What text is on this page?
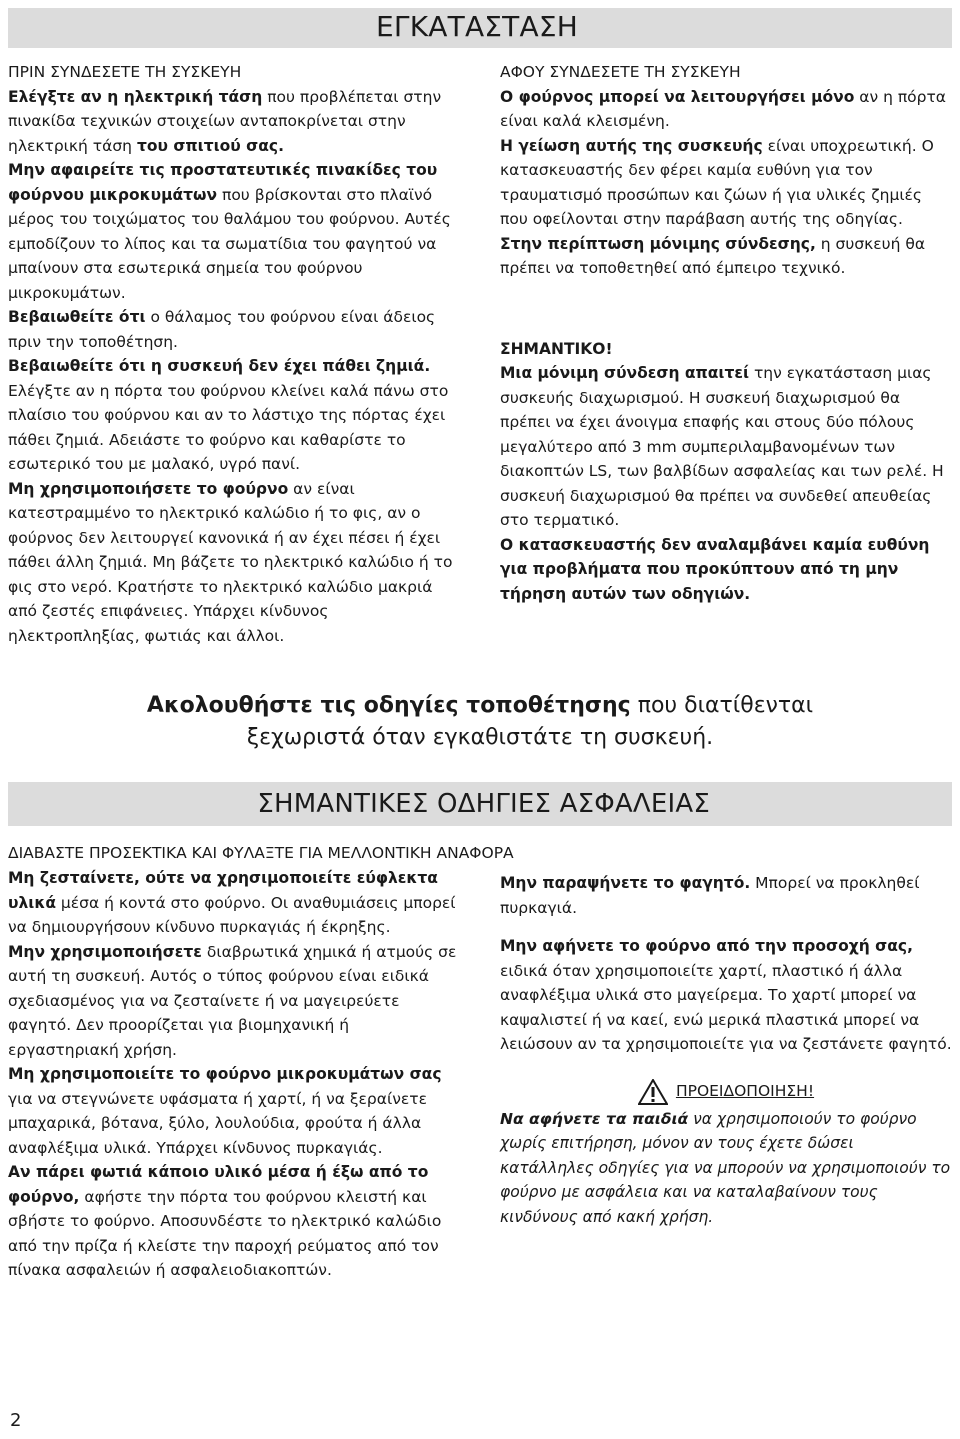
ΕΓΚΑΤΑΣΤΑΣΗ

ΠΡΙΝ ΣΥΝΔΕΣΕΤΕ ΤΗ ΣΥΣΚΕΥΗ

Ελέγξτε αν η ηλεκτρική τάση που προβλέπεται στην πινακίδα τεχνικών στοιχείων ανταποκρίνεται στην ηλεκτρική τάση του σπιτιού σας.

Μην αφαιρείτε τις προστατευτικές πινακίδες του φούρνου μικροκυμάτων που βρίσκονται στο πλαϊνό μέρος του τοιχώματος του θαλάμου του φούρνου. Αυτές εμποδίζουν το λίπος και τα σωματίδια του φαγητού να μπαίνουν στα εσωτερικά σημεία του φούρνου μικροκυμάτων.

Βεβαιωθείτε ότι ο θάλαμος του φούρνου είναι άδειος πριν την τοποθέτηση.

Βεβαιωθείτε ότι η συσκευή δεν έχει πάθει ζημιά. Ελέγξτε αν η πόρτα του φούρνου κλείνει καλά πάνω στο πλαίσιο του φούρνου και αν το λάστιχο της πόρτας έχει πάθει ζημιά. Αδειάστε το φούρνο και καθαρίστε το εσωτερικό του με μαλακό, υγρό πανί.

Μη χρησιμοποιήσετε το φούρνο αν είναι κατεστραμμένο το ηλεκτρικό καλώδιο ή το φις, αν ο φούρνος δεν λειτουργεί κανονικά ή αν έχει πέσει ή έχει πάθει άλλη ζημιά. Μη βάζετε το ηλεκτρικό καλώδιο ή το φις στο νερό. Κρατήστε το ηλεκτρικό καλώδιο μακριά από ζεστές επιφάνειες. Υπάρχει κίνδυνος ηλεκτροπληξίας, φωτιάς και άλλοι.

ΑΦΟΥ ΣΥΝΔΕΣΕΤΕ ΤΗ ΣΥΣΚΕΥΗ

Ο φούρνος μπορεί να λειτουργήσει μόνο αν η πόρτα είναι καλά κλεισμένη.

Η γείωση αυτής της συσκευής είναι υποχρεωτική. Ο κατασκευαστής δεν φέρει καμία ευθύνη για τον τραυματισμό προσώπων και ζώων ή για υλικές ζημιές που οφείλονται στην παράβαση αυτής της οδηγίας.

Στην περίπτωση μόνιμης σύνδεσης, η συσκευή θα πρέπει να τοποθετηθεί από έμπειρο τεχνικό.

ΣΗΜΑΝΤΙΚΟ!

Μια μόνιμη σύνδεση απαιτεί την εγκατάσταση μιας συσκευής διαχωρισμού. Η συσκευή διαχωρισμού θα πρέπει να έχει άνοιγμα επαφής και στους δύο πόλους μεγαλύτερο από 3 mm συμπεριλαμβανομένων των διακοπτών LS, των βαλβίδων ασφαλείας και των ρελέ. Η συσκευή διαχωρισμού θα πρέπει να συνδεθεί απευθείας στο τερματικό.

Ο κατασκευαστής δεν αναλαμβάνει καμία ευθύνη για προβλήματα που προκύπτουν από τη μην τήρηση αυτών των οδηγιών.

Ακολουθήστε τις οδηγίες τοποθέτησης που διατίθενται
ξεχωριστά όταν εγκαθιστάτε τη συσκευή.
ΣΗΜΑΝΤΙΚΕΣ ΟΔΗΓΙΕΣ ΑΣΦΑΛΕΙΑΣ
ΔΙΑΒΑΣΤΕ ΠΡΟΣΕΚΤΙΚΑ ΚΑΙ ΦΥΛΑΞΤΕ ΓΙΑ ΜΕΛΛΟΝΤΙΚΗ ΑΝΑΦΟΡΑ

Μη ζεσταίνετε, ούτε να χρησιμοποιείτε εύφλεκτα υλικά μέσα ή κοντά στο φούρνο. Οι αναθυμιάσεις μπορεί να δημιουργήσουν κίνδυνο πυρκαγιάς ή έκρηξης.

Μην χρησιμοποιήσετε διαβρωτικά χημικά ή ατμούς σε αυτή τη συσκευή. Αυτός ο τύπος φούρνου είναι ειδικά σχεδιασμένος για να ζεσταίνετε ή να μαγειρεύετε φαγητό. Δεν προορίζεται για βιομηχανική ή εργαστηριακή χρήση.

Μη χρησιμοποιείτε το φούρνο μικροκυμάτων σας για να στεγνώνετε υφάσματα ή χαρτί, ή να ξεραίνετε μπαχαρικά, βότανα, ξύλο, λουλούδια, φρούτα ή άλλα αναφλέξιμα υλικά. Υπάρχει κίνδυνος πυρκαγιάς.

Αν πάρει φωτιά κάποιο υλικό μέσα ή έξω από το φούρνο, αφήστε την πόρτα του φούρνου κλειστή και σβήστε το φούρνο. Αποσυνδέστε το ηλεκτρικό καλώδιο από την πρίζα ή κλείστε την παροχή ρεύματος από τον πίνακα ασφαλειών ή ασφαλειοδιακοπτών.

Μην παραψήνετε το φαγητό. Μπορεί να προκληθεί πυρκαγιά.

Μην αφήνετε το φούρνο από την προσοχή σας, ειδικά όταν χρησιμοποιείτε χαρτί, πλαστικό ή άλλα αναφλέξιμα υλικά στο μαγείρεμα. Το χαρτί μπορεί να καψαλιστεί ή να καεί, ενώ μερικά πλαστικά μπορεί να λειώσουν αν τα χρησιμοποιείτε για να ζεστάνετε φαγητό.

ΠΡΟΕΙΔΟΠΟΙΗΣΗ!

Να αφήνετε τα παιδιά να χρησιμοποιούν το φούρνο χωρίς επιτήρηση, μόνον αν τους έχετε δώσει κατάλληλες οδηγίες για να μπορούν να χρησιμοποιούν το φούρνο με ασφάλεια και να καταλαβαίνουν τους κινδύνους από κακή χρήση.

2
